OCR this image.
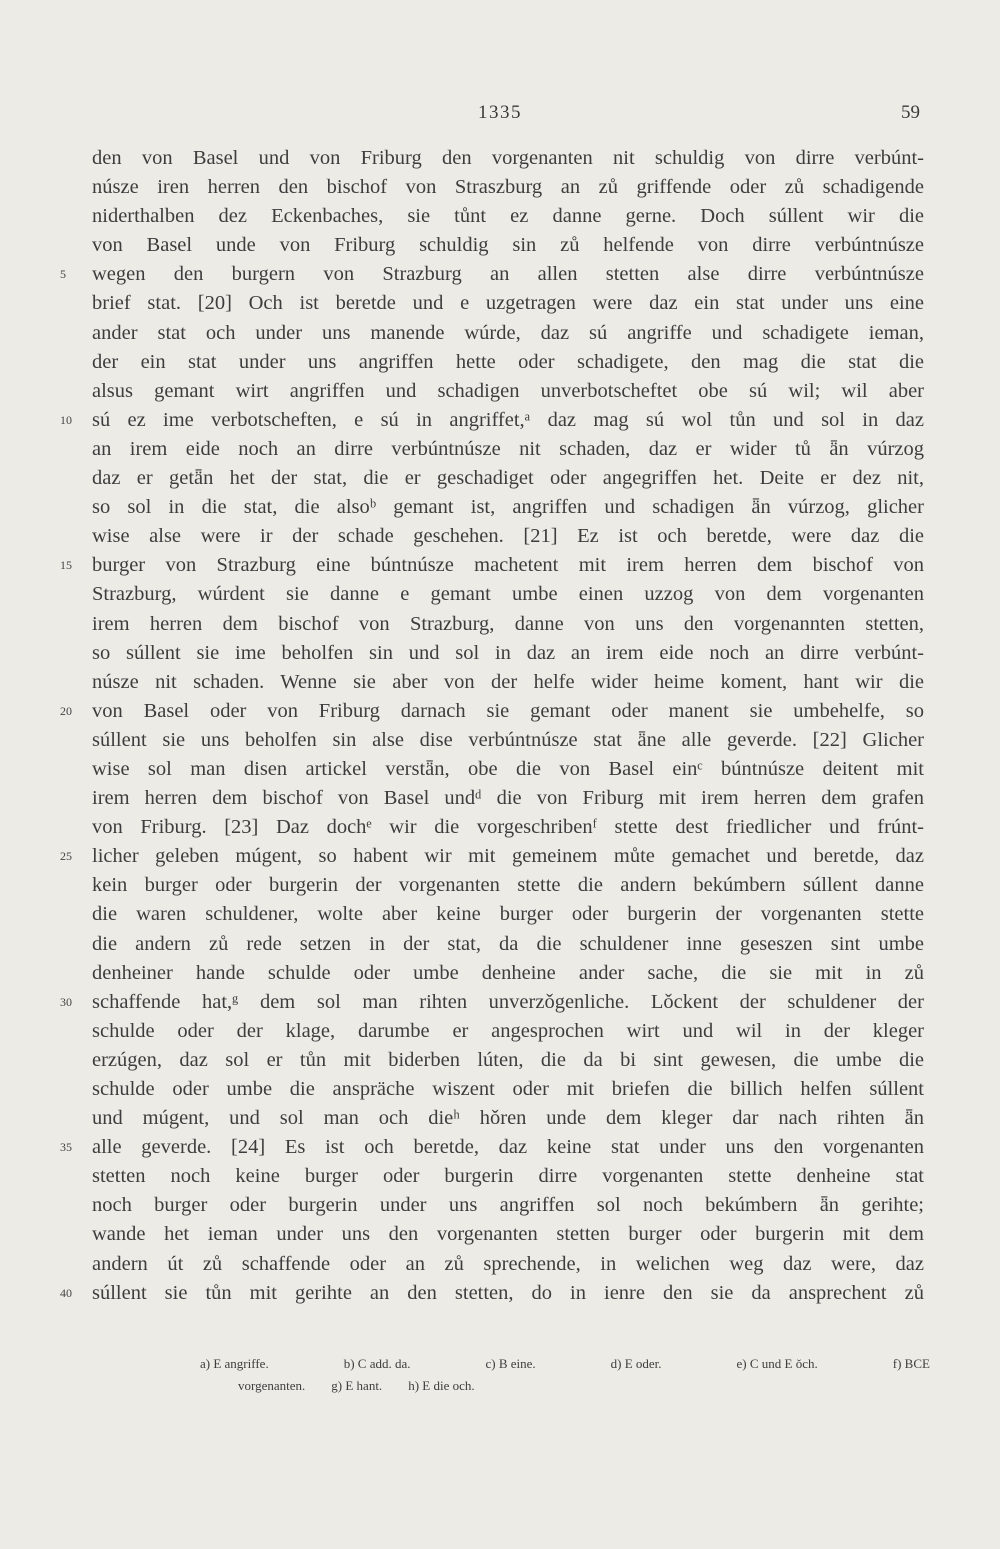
1335	59
den von Basel und von Friburg den vorgenanten nit schuldig von dirre verbúnt-
núsze iren herren den bischof von Straszburg an zů griffende oder zů schadigende
niderthalben dez Eckenbaches, sie tůnt ez danne gerne. Doch súllent wir die
von Basel unde von Friburg schuldig sin zů helfende von dirre verbúntnúsze
5	wegen den burgern von Strazburg an allen stetten alse dirre verbúntnúsze
brief stat. [20] Och ist beretde und e uzgetragen were daz ein stat under uns eine
ander stat och under uns manende wúrde, daz sú angriffe und schadigete ieman,
der ein stat under uns angriffen hette oder schadigete, den mag die stat die
alsus gemant wirt angriffen und schadigen unverbotscheftet obe sú wil; wil aber
10 sú ez ime verbotscheften, e sú in angriffet,ᵃ daz mag sú wol tůn und sol in daz
an irem eide noch an dirre verbúntnúsze nit schaden, daz er wider tů ǟn vúrzog
daz er getǟn het der stat, die er geschadiget oder angegriffen het. Deite er dez nit,
so sol in die stat, die alsoᵇ gemant ist, angriffen und schadigen ǟn vúrzog, glicher
wise alse were ir der schade geschehen. [21] Ez ist och beretde, were daz die
15 burger von Strazburg eine búntnúsze machetent mit irem herren dem bischof von
Strazburg, wúrdent sie danne e gemant umbe einen uzzog von dem vorgenanten
irem herren dem bischof von Strazburg, danne von uns den vorgenannten stetten,
so súllent sie ime beholfen sin und sol in daz an irem eide noch an dirre verbúnt-
núsze nit schaden. Wenne sie aber von der helfe wider heime koment, hant wir die
20 von Basel oder von Friburg darnach sie gemant oder manent sie umbehelfe, so
súllent sie uns beholfen sin alse dise verbúntnúsze stat ǟne alle geverde. [22] Glicher
wise sol man disen artickel verstǟn, obe die von Basel einᶜ búntnúsze deitent mit
irem herren dem bischof von Basel undᵈ die von Friburg mit irem herren dem grafen
von Friburg. [23] Daz dochᵉ wir die vorgeschribenᶠ stette dest friedlicher und frúnt-
25 licher geleben múgent, so habent wir mit gemeinem můte gemachet und beretde, daz
kein burger oder burgerin der vorgenanten stette die andern bekúmbern súllent danne
die waren schuldener, wolte aber keine burger oder burgerin der vorgenanten stette
die andern zů rede setzen in der stat, da die schuldener inne geseszen sint umbe
denheiner hande schulde oder umbe denheine ander sache, die sie mit in zů
30 schaffende hat,ᵍ dem sol man rihten unverzǒgenliche. Lǒckent der schuldener der
schulde oder der klage, darumbe er angesprochen wirt und wil in der kleger
erzúgen, daz sol er tůn mit biderben lúten, die da bi sint gewesen, die umbe die
schulde oder umbe die anspräche wiszent oder mit briefen die billich helfen súllent
und múgent, und sol man och dieʰ hǒren unde dem kleger dar nach rihten ǟn
35 alle geverde. [24] Es ist och beretde, daz keine stat under uns den vorgenanten
stetten noch keine burger oder burgerin dirre vorgenanten stette denheine stat
noch burger oder burgerin under uns angriffen sol noch bekúmbern ǟn gerihte;
wande het ieman under uns den vorgenanten stetten burger oder burgerin mit dem
andern út zů schaffende oder an zů sprechende, in welichen weg daz were, daz
40 súllent sie tůn mit gerihte an den stetten, do in ienre den sie da ansprechent zů
a) E angriffe.	b) C add. da.	c) B eine.	d) E oder.	e) C und E ǒch.	f) BCE
vorgenanten. g) E hant. h) E die och.
